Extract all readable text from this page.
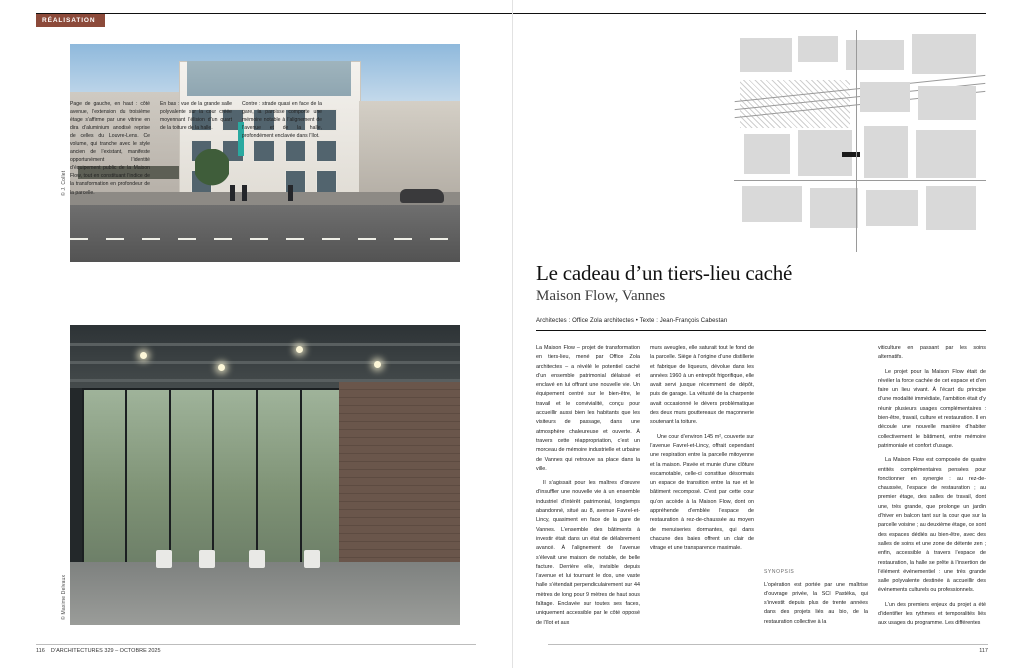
RÉALISATION
© J. Collet
Page de gauche, en haut : côté avenue, l’extension du troisième étage s’affirme par une vitrine en dira d’aluminium anodisé reprise de celles du Louvre-Lens. Ce volume, qui tranche avec le style ancien de l’existant, manifeste opportunément l’identité d’équipement public de la Maison Flow, tout en constituant l’indice de la transformation en profondeur de la parcelle.
En bas : vue de la grande salle polyvalente sur la cour créée moyennant l’élision d’un quart de la toiture de la halle.
Contre : strade quasi en face de la gare, la paroisse comporte une mémoire notable à l’alignement de l’avenue et de la halle, profondément enclavée dans l’îlot.
© Maxime Delvaux
Le cadeau d’un tiers-lieu caché
Maison Flow, Vannes
Architectes : Office Zola architectes • Texte : Jean-François Cabestan

La Maison Flow – projet de transformation en tiers-lieu, mené par Office Zola architectes – a révélé le potentiel caché d’un ensemble patrimonial délaissé et enclavé en lui offrant une nouvelle vie. Un équipement centré sur le bien-être, le travail et le convivialité, conçu pour accueillir aussi bien les habitants que les visiteurs de passage, dans une atmosphère chaleureuse et ouverte. À travers cette réappropriation, c’est un morceau de mémoire industrielle et urbaine de Vannes qui retrouve sa place dans la ville.

Il s’agissait pour les maîtres d’œuvre d’insuffler une nouvelle vie à un ensemble industriel d’intérêt patrimonial, longtemps abandonné, situé au 8, avenue Favrel-et-Lincy, quasiment en face de la gare de Vannes. L’ensemble des bâtiments à investir était dans un état de délabrement avancé. À l’alignement de l’avenue s’élevait une maison de notable, de belle facture. Derrière elle, invisible depuis l’avenue et lui tournant le dos, une vaste halle s’étendait perpendiculairement sur 44 mètres de long pour 9 mètres de haut sous faîtage. Enclavée sur toutes ses faces, uniquement accessible par le côté opposé de l’îlot et aux

murs aveugles, elle saturait tout le fond de la parcelle. Siège à l’origine d’une distillerie et fabrique de liqueurs, dévolue dans les années 1960 à un entrepôt frigorifique, elle avait servi jusque récemment de dépôt, puis de garage. La vétusté de la charpente avait occasionné le dévers problématique des deux murs gouttereaux de maçonnerie soutenant la toiture.

Une cour d’environ 145 m², couverte sur l’avenue Favrel-et-Lincy, offrait cependant une respiration entre la parcelle mitoyenne et la maison. Pavée et munie d’une clôture escamotable, celle-ci constitue désormais un espace de transition entre la rue et le bâtiment recomposé. C’est par cette cour qu’on accède à la Maison Flow, dont on appréhende d’emblée l’espace de restauration à rez-de-chaussée au moyen de menuiseries dormantes, qui dans chacune des baies offrent un clair de vitrage et une transparence maximale.

SYNOPSIS

L’opération est portée par une maîtrise d’ouvrage privée, la SCI Pastéka, qui s’investit depuis plus de trente années dans des projets liés au bio, de la restauration collective à la

viticulture en passant par les soins alternatifs.

Le projet pour la Maison Flow était de révéler la force cachée de cet espace et d’en faire un lieu vivant. À l’écart du principe d’une modalité immédiate, l’ambition était d’y réunir plusieurs usages complémentaires : bien-être, travail, culture et restauration. Il en découle une nouvelle manière d’habiter collectivement le bâtiment, entre mémoire patrimoniale et confort d’usage.

La Maison Flow est composée de quatre entités complémentaires pensées pour fonctionner en synergie : au rez-de-chaussée, l’espace de restauration ; au premier étage, des salles de travail, dont une, très grande, que prolonge un jardin d’hiver en balcon tant sur la cour que sur la parcelle voisine ; au deuxième étage, ce sont des espaces dédiés au bien-être, avec des salles de soins et une zone de détente zen ; enfin, accessible à travers l’espace de restauration, la halle se prête à l’insertion de l’élément événementiel : une très grande salle polyvalente destinée à accueillir des événements culturels ou professionnels.

L’un des premiers enjeux du projet a été d’identifier les rythmes et temporalités liés aux usages du programme. Les différentes

116 D’ARCHITECTURES 329 – OCTOBRE 2025	117
